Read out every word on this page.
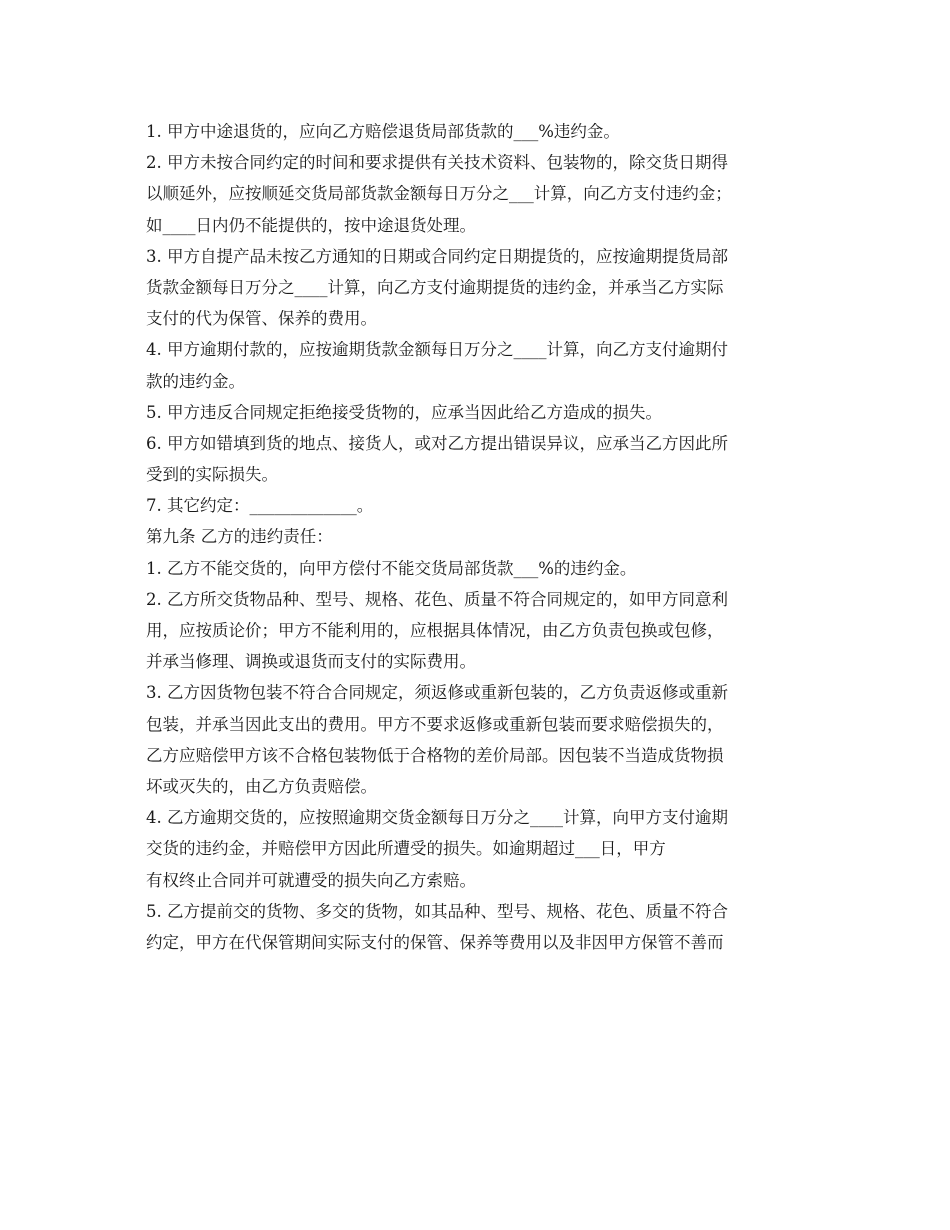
1. 甲方中途退货的，应向乙方赔偿退货局部货款的___%违约金。
2. 甲方未按合同约定的时间和要求提供有关技术资料、包装物的，除交货日期得
以顺延外，应按顺延交货局部货款金额每日万分之___计算，向乙方支付违约金；
如____日内仍不能提供的，按中途退货处理。
3. 甲方自提产品未按乙方通知的日期或合同约定日期提货的，应按逾期提货局部
货款金额每日万分之____计算，向乙方支付逾期提货的违约金，并承当乙方实际
支付的代为保管、保养的费用。
4. 甲方逾期付款的，应按逾期货款金额每日万分之____计算，向乙方支付逾期付
款的违约金。
5. 甲方违反合同规定拒绝接受货物的，应承当因此给乙方造成的损失。
6. 甲方如错填到货的地点、接货人，或对乙方提出错误异议，应承当乙方因此所
受到的实际损失。
7. 其它约定：_____________。
第九条 乙方的违约责任：
1. 乙方不能交货的，向甲方偿付不能交货局部货款___%的违约金。
2. 乙方所交货物品种、型号、规格、花色、质量不符合同规定的，如甲方同意利
用，应按质论价；甲方不能利用的，应根据具体情况，由乙方负责包换或包修，
并承当修理、调换或退货而支付的实际费用。
3. 乙方因货物包装不符合合同规定，须返修或重新包装的，乙方负责返修或重新
包装，并承当因此支出的费用。甲方不要求返修或重新包装而要求赔偿损失的，
乙方应赔偿甲方该不合格包装物低于合格物的差价局部。因包装不当造成货物损
坏或灭失的，由乙方负责赔偿。
4. 乙方逾期交货的，应按照逾期交货金额每日万分之____计算，向甲方支付逾期
交货的违约金，并赔偿甲方因此所遭受的损失。如逾期超过___日，甲方
有权终止合同并可就遭受的损失向乙方索赔。
5. 乙方提前交的货物、多交的货物，如其品种、型号、规格、花色、质量不符合
约定，甲方在代保管期间实际支付的保管、保养等费用以及非因甲方保管不善而
